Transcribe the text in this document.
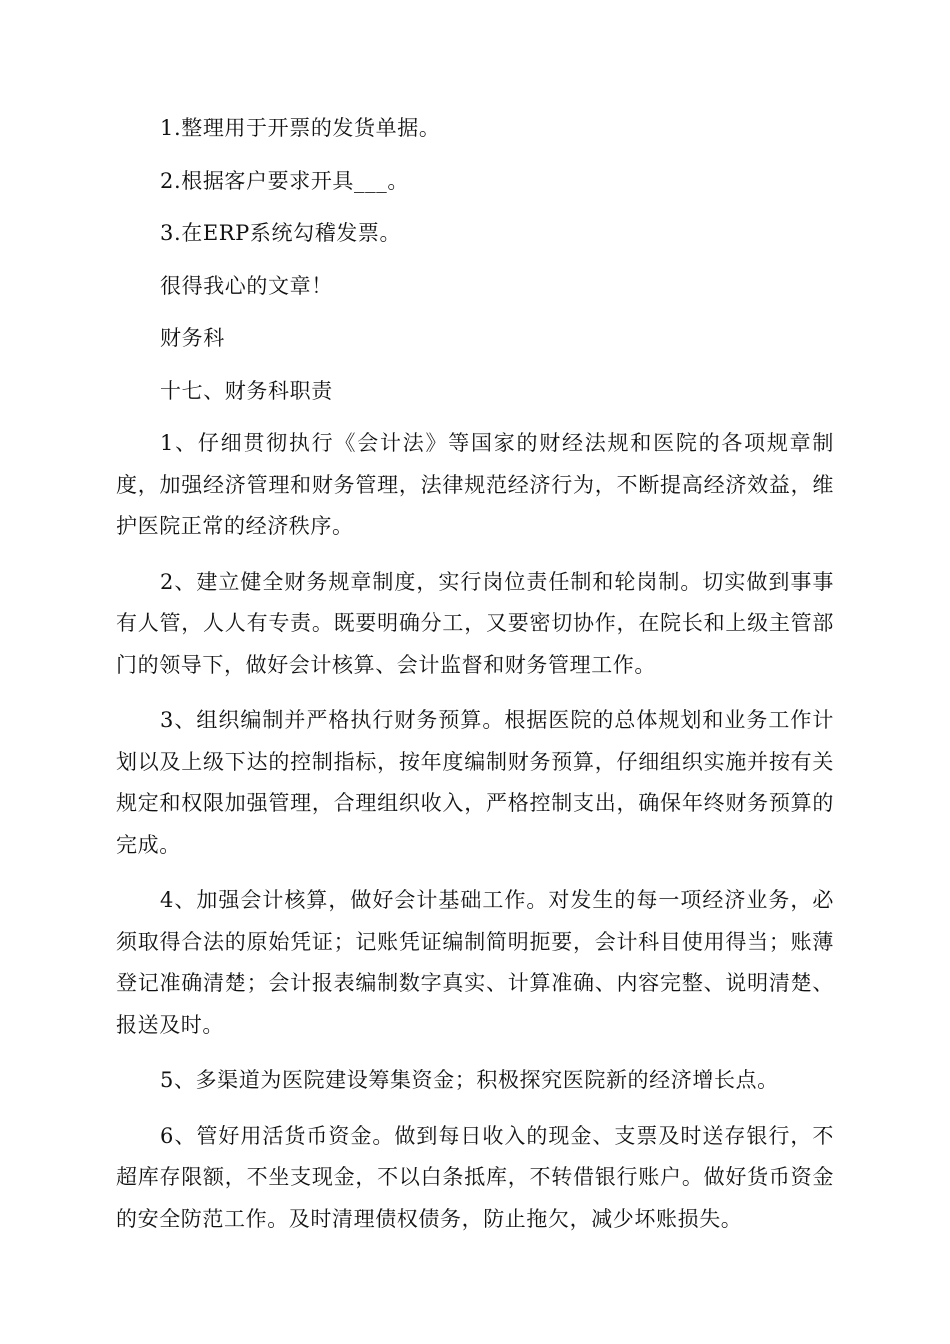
1.整理用于开票的发货单据。

2.根据客户要求开具___。

3.在ERP系统勾稽发票。

很得我心的文章！

财务科

十七、财务科职责

1、仔细贯彻执行《会计法》等国家的财经法规和医院的各项规章制度，加强经济管理和财务管理，法律规范经济行为，不断提高经济效益，维护医院正常的经济秩序。

2、建立健全财务规章制度，实行岗位责任制和轮岗制。切实做到事事有人管，人人有专责。既要明确分工，又要密切协作，在院长和上级主管部门的领导下，做好会计核算、会计监督和财务管理工作。

3、组织编制并严格执行财务预算。根据医院的总体规划和业务工作计划以及上级下达的控制指标，按年度编制财务预算，仔细组织实施并按有关规定和权限加强管理，合理组织收入，严格控制支出，确保年终财务预算的完成。

4、加强会计核算，做好会计基础工作。对发生的每一项经济业务，必须取得合法的原始凭证；记账凭证编制简明扼要，会计科目使用得当；账薄登记准确清楚；会计报表编制数字真实、计算准确、内容完整、说明清楚、报送及时。

5、多渠道为医院建设筹集资金；积极探究医院新的经济增长点。

6、管好用活货币资金。做到每日收入的现金、支票及时送存银行，不超库存限额，不坐支现金，不以白条抵库，不转借银行账户。做好货币资金的安全防范工作。及时清理债权债务，防止拖欠，减少坏账损失。
